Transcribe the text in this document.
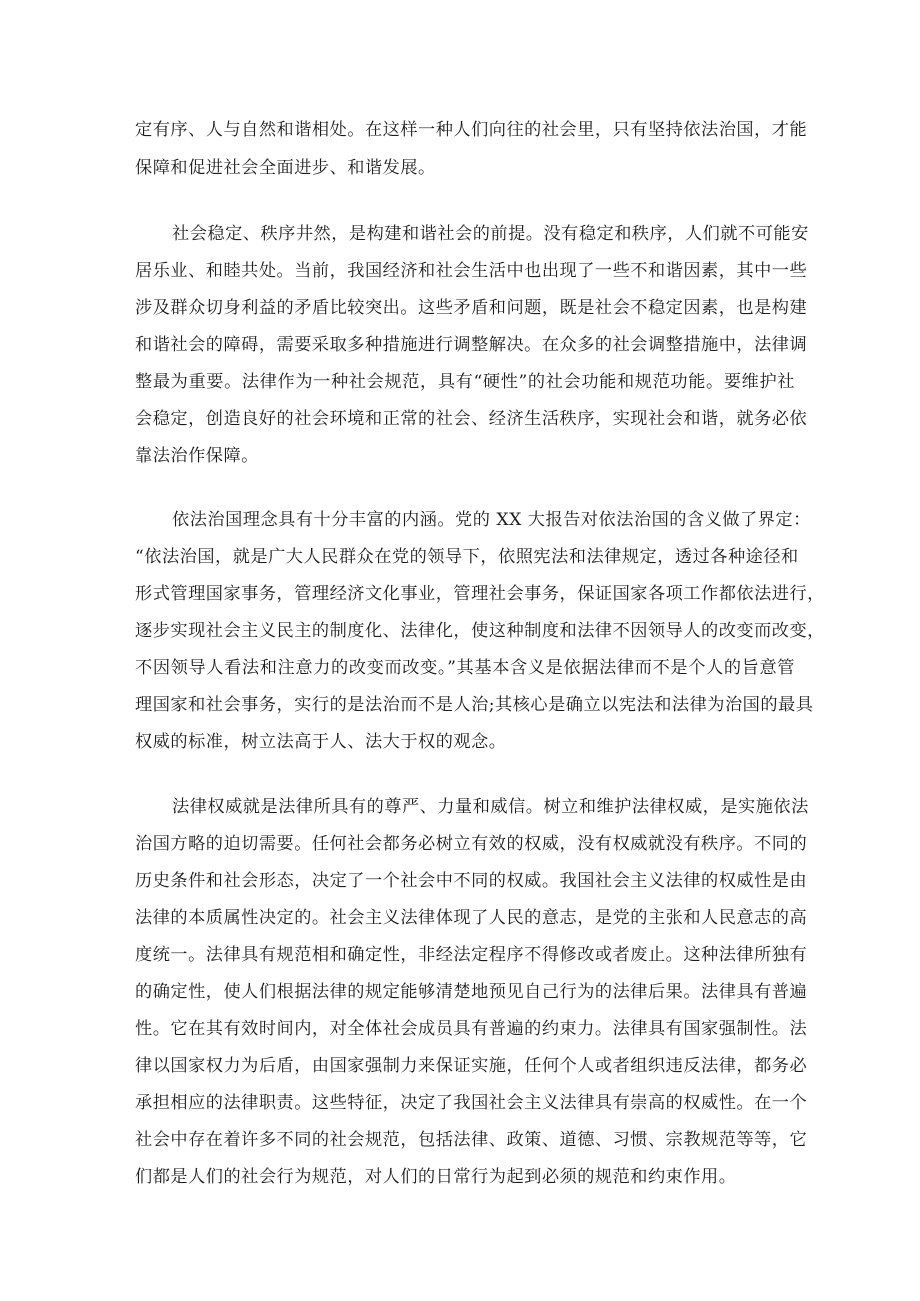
定有序、人与自然和谐相处。在这样一种人们向往的社会里，只有坚持依法治国，才能
保障和促进社会全面进步、和谐发展。
社会稳定、秩序井然，是构建和谐社会的前提。没有稳定和秩序，人们就不可能安
居乐业、和睦共处。当前，我国经济和社会生活中也出现了一些不和谐因素，其中一些
涉及群众切身利益的矛盾比较突出。这些矛盾和问题，既是社会不稳定因素，也是构建
和谐社会的障碍，需要采取多种措施进行调整解决。在众多的社会调整措施中，法律调
整最为重要。法律作为一种社会规范，具有“硬性”的社会功能和规范功能。要维护社
会稳定，创造良好的社会环境和正常的社会、经济生活秩序，实现社会和谐，就务必依
靠法治作保障。
依法治国理念具有十分丰富的内涵。党的 XX 大报告对依法治国的含义做了界定：
“依法治国，就是广大人民群众在党的领导下，依照宪法和法律规定，透过各种途径和
形式管理国家事务，管理经济文化事业，管理社会事务，保证国家各项工作都依法进行，
逐步实现社会主义民主的制度化、法律化，使这种制度和法律不因领导人的改变而改变，
不因领导人看法和注意力的改变而改变。”其基本含义是依据法律而不是个人的旨意管
理国家和社会事务，实行的是法治而不是人治;其核心是确立以宪法和法律为治国的最具
权威的标准，树立法高于人、法大于权的观念。
法律权威就是法律所具有的尊严、力量和威信。树立和维护法律权威，是实施依法
治国方略的迫切需要。任何社会都务必树立有效的权威，没有权威就没有秩序。不同的
历史条件和社会形态，决定了一个社会中不同的权威。我国社会主义法律的权威性是由
法律的本质属性决定的。社会主义法律体现了人民的意志，是党的主张和人民意志的高
度统一。法律具有规范相和确定性，非经法定程序不得修改或者废止。这种法律所独有
的确定性，使人们根据法律的规定能够清楚地预见自己行为的法律后果。法律具有普遍
性。它在其有效时间内，对全体社会成员具有普遍的约束力。法律具有国家强制性。法
律以国家权力为后盾，由国家强制力来保证实施，任何个人或者组织违反法律，都务必
承担相应的法律职责。这些特征，决定了我国社会主义法律具有崇高的权威性。在一个
社会中存在着许多不同的社会规范，包括法律、政策、道德、习惯、宗教规范等等，它
们都是人们的社会行为规范，对人们的日常行为起到必须的规范和约束作用。
